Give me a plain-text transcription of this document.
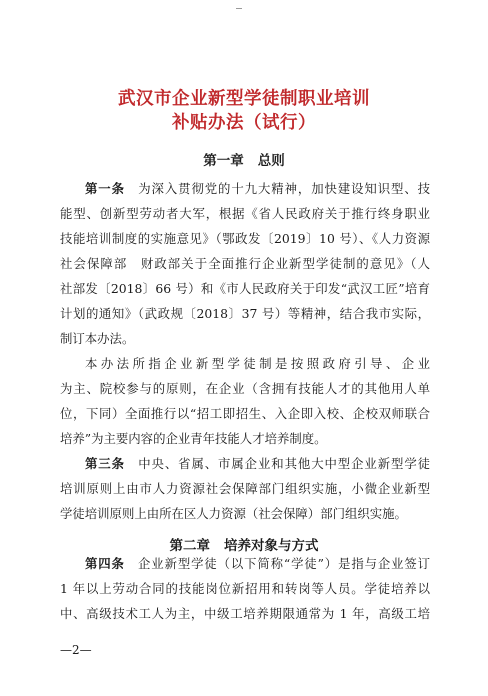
武汉市企业新型学徒制职业培训
补贴办法（试行）
第一章 总则

第一条　 为深入贯彻党的十九大精神，加快建设知识型、技

能型、创新型劳动者大军，根据《省人民政府关于推行终身职业

技能培训制度的实施意见》（鄂政发〔2019〕10 号）、《人力资源

社会保障部　财政部关于全面推行企业新型学徒制的意见》（人

社部发〔2018〕66 号）和《市人民政府关于印发“武汉工匠”培育

计划的通知》（武政规〔2018〕37 号）等精神，结合我市实际，

制订本办法。

本办法所指企业新型学徒制是按照政府引导、企业

为主、院校参与的原则，在企业（含拥有技能人才的其他用人单

位，下同）全面推行以“招工即招生、入企即入校、企校双师联合

培养”为主要内容的企业青年技能人才培养制度。

第三条　 中央、省属、市属企业和其他大中型企业新型学徒

培训原则上由市人力资源社会保障部门组织实施，小微企业新型

学徒培训原则上由所在区人力资源（社会保障）部门组织实施。

第二章 培养对象与方式

第四条　 企业新型学徒（以下简称“学徒”）是指与企业签订

1 年以上劳动合同的技能岗位新招用和转岗等人员。学徒培养以

中、高级技术工人为主，中级工培养期限通常为 1 年，高级工培

—2—
